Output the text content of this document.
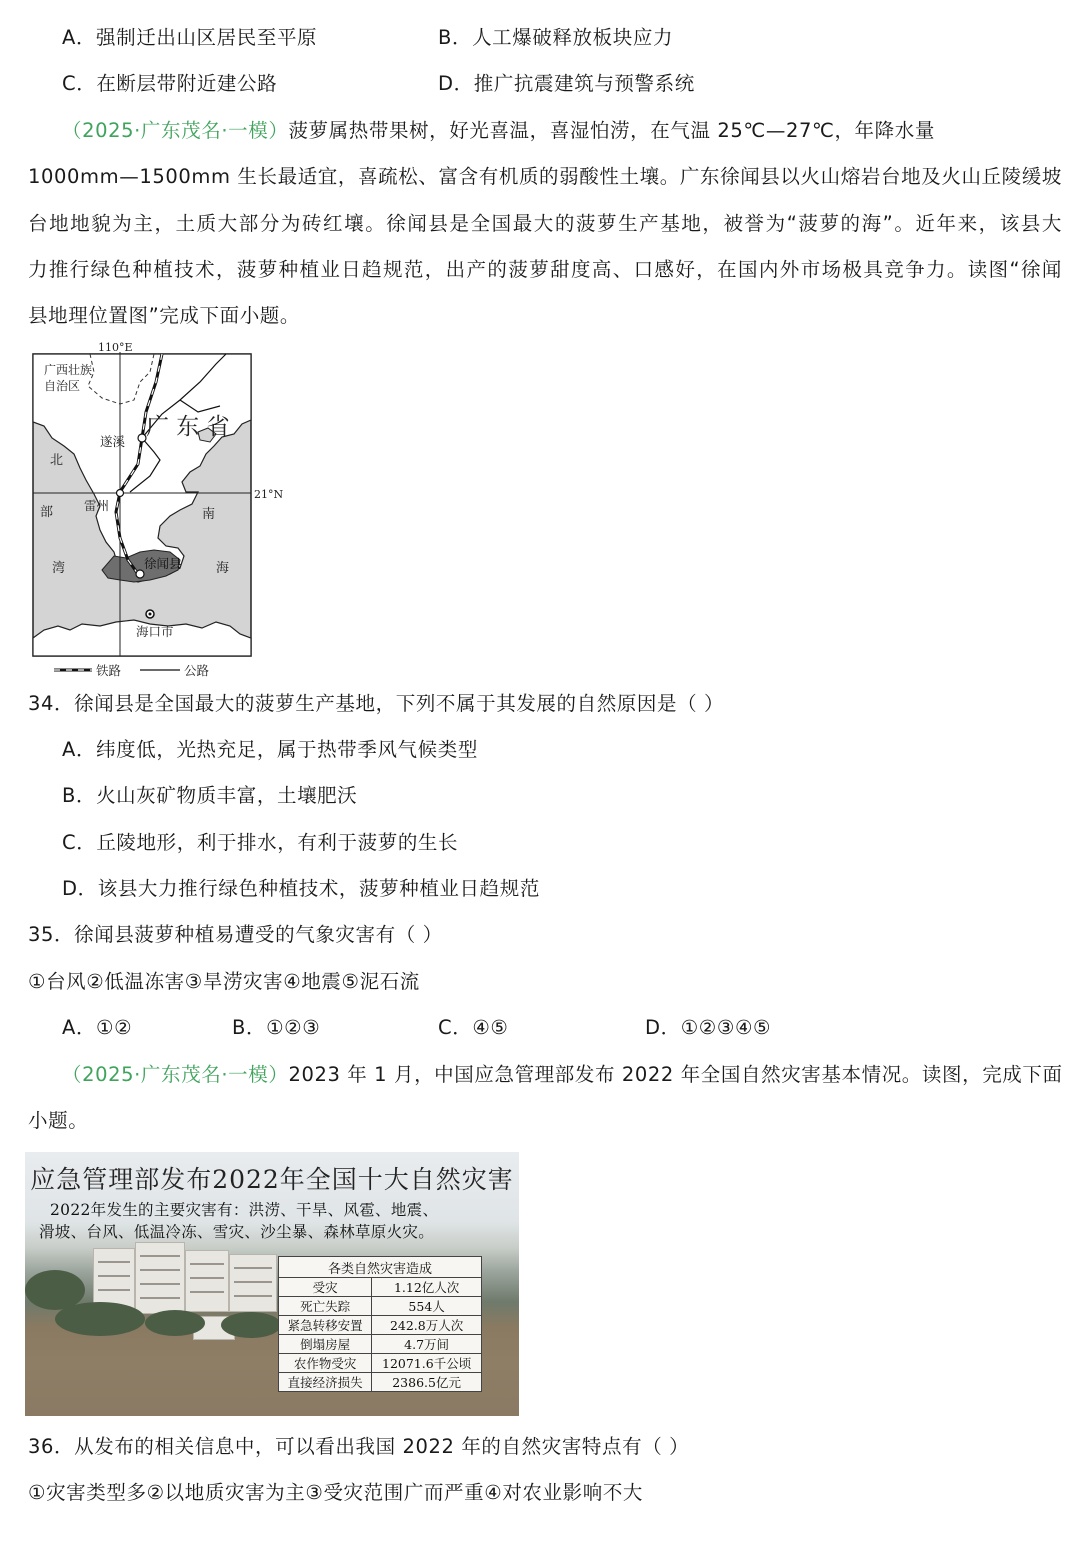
A．强制迁出山区居民至平原	B．人工爆破释放板块应力
C．在断层带附近建公路	D．推广抗震建筑与预警系统
（2025·广东茂名·一模）菠萝属热带果树，好光喜温，喜湿怕涝，在气温 25℃—27℃，年降水量
1000mm—1500mm 生长最适宜，喜疏松、富含有机质的弱酸性土壤。广东徐闻县以火山熔岩台地及火山丘陵缓坡
台地地貌为主，土质大部分为砖红壤。徐闻县是全国最大的菠萝生产基地，被誉为“菠萝的海”。近年来，该县大
力推行绿色种植技术，菠萝种植业日趋规范，出产的菠萝甜度高、口感好，在国内外市场极具竞争力。读图“徐闻
县地理位置图”完成下面小题。
110°E
21°N
广西壮族
自治区
广 东 省
遂溪
雷州
徐闻县
海口市
北
部
湾
南
海
铁路	公路
34．徐闻县是全国最大的菠萝生产基地，下列不属于其发展的自然原因是（ ）
A．纬度低，光热充足，属于热带季风气候类型
B．火山灰矿物质丰富，土壤肥沃
C．丘陵地形，利于排水，有利于菠萝的生长
D．该县大力推行绿色种植技术，菠萝种植业日趋规范
35．徐闻县菠萝种植易遭受的气象灾害有（ ）
①台风②低温冻害③旱涝灾害④地震⑤泥石流
A．①②	B．①②③	C．④⑤	D．①②③④⑤
（2025·广东茂名·一模）2023 年 1 月，中国应急管理部发布 2022 年全国自然灾害基本情况。读图，完成下面
小题。
应急管理部发布2022年全国十大自然灾害
2022年发生的主要灾害有：洪涝、干旱、风雹、地震、
滑坡、台风、低温冷冻、雪灾、沙尘暴、森林草原火灾。
各类自然灾害造成	
受灾	1.12亿人次
死亡失踪	554人
紧急转移安置	242.8万人次
倒塌房屋	4.7万间
农作物受灾	12071.6千公顷
直接经济损失	2386.5亿元
36．从发布的相关信息中，可以看出我国 2022 年的自然灾害特点有（ ）
①灾害类型多②以地质灾害为主③受灾范围广而严重④对农业影响不大
